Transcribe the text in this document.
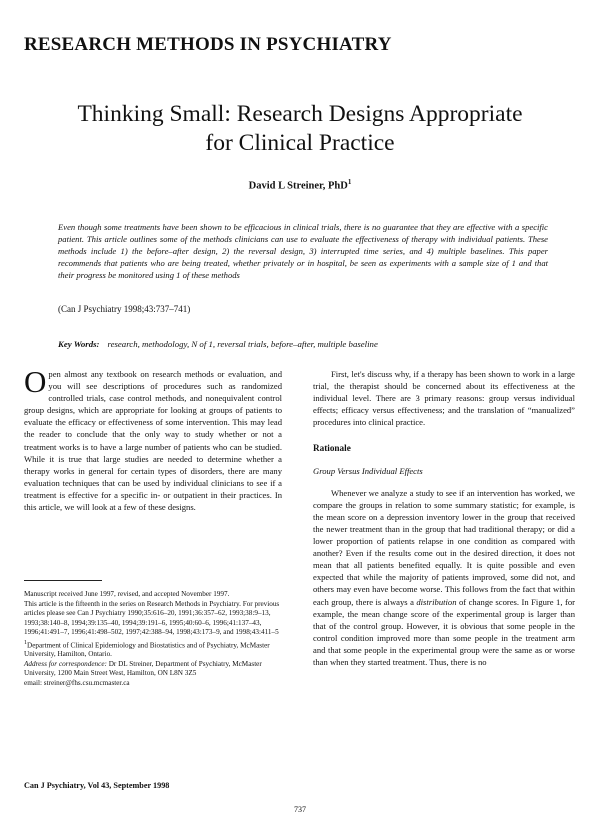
RESEARCH METHODS IN PSYCHIATRY
Thinking Small: Research Designs Appropriate
for Clinical Practice

David L Streiner, PhD$^1$

Even though some treatments have been shown to be efficacious in clinical trials, there is no guarantee that they are effective with a specific patient. This article outlines some of the methods clinicians can use to evaluate the effectiveness of therapy with individual patients. These methods include 1) the before–after design, 2) the reversal design, 3) interrupted time series, and 4) multiple baselines. This paper recommends that patients who are being treated, whether privately or in hospital, be seen as experiments with a sample size of 1 and that their progress be monitored using 1 of these methods

(Can J Psychiatry 1998;43:737–741)

Key Words: research, methodology, N of 1, reversal trials, before–after, multiple baseline

Open almost any textbook on research methods or evaluation, and you will see descriptions of procedures such as randomized controlled trials, case control methods, and nonequivalent control group designs, which are appropriate for looking at groups of patients to evaluate the efficacy or effectiveness of some intervention. This may lead the reader to conclude that the only way to study whether or not a treatment works is to have a large number of patients who can be studied. While it is true that large studies are needed to determine whether a therapy works in general for certain types of disorders, there are many evaluation techniques that can be used by individual clinicians to see if a treatment is effective for a specific in- or outpatient in their practices. In this article, we will look at a few of these designs.

Manuscript received June 1997, revised, and accepted November 1997.

This article is the fifteenth in the series on Research Methods in Psychiatry. For previous articles please see Can J Psychiatry 1990;35:616–20, 1991;36:357–62, 1993;38:9–13, 1993;38:140–8, 1994;39:135–40, 1994;39:191–6, 1995;40:60–6, 1996;41:137–43, 1996;41:491–7, 1996;41:498–502, 1997;42:388–94, 1998;43:173–9, and 1998;43:411–5

$^1$Department of Clinical Epidemiology and Biostatistics and of Psychiatry, McMaster University, Hamilton, Ontario.

Address for correspondence: Dr DL Streiner, Department of Psychiatry, McMaster University, 1200 Main Street West, Hamilton, ON L8N 3Z5

email: streiner@fhs.csu.mcmaster.ca

Can J Psychiatry, Vol 43, September 1998

737

First, let's discuss why, if a therapy has been shown to work in a large trial, the therapist should be concerned about its effectiveness at the individual level. There are 3 primary reasons: group versus individual effects; efficacy versus effectiveness; and the translation of “manualized” procedures into clinical practice.

Rationale

Group Versus Individual Effects

Whenever we analyze a study to see if an intervention has worked, we compare the groups in relation to some summary statistic; for example, is the mean score on a depression inventory lower in the group that received the newer treatment than in the group that had traditional therapy; or did a lower proportion of patients relapse in one condition as compared with another? Even if the results come out in the desired direction, it does not mean that all patients benefited equally. It is quite possible and even expected that while the majority of patients improved, some did not, and others may even have become worse. This follows from the fact that within each group, there is always a distribution of change scores. In Figure 1, for example, the mean change score of the experimental group is larger than that of the control group. However, it is obvious that some people in the control condition improved more than some people in the treatment arm and that some people in the experimental group were the same as or worse than when they started treatment. Thus, there is no
